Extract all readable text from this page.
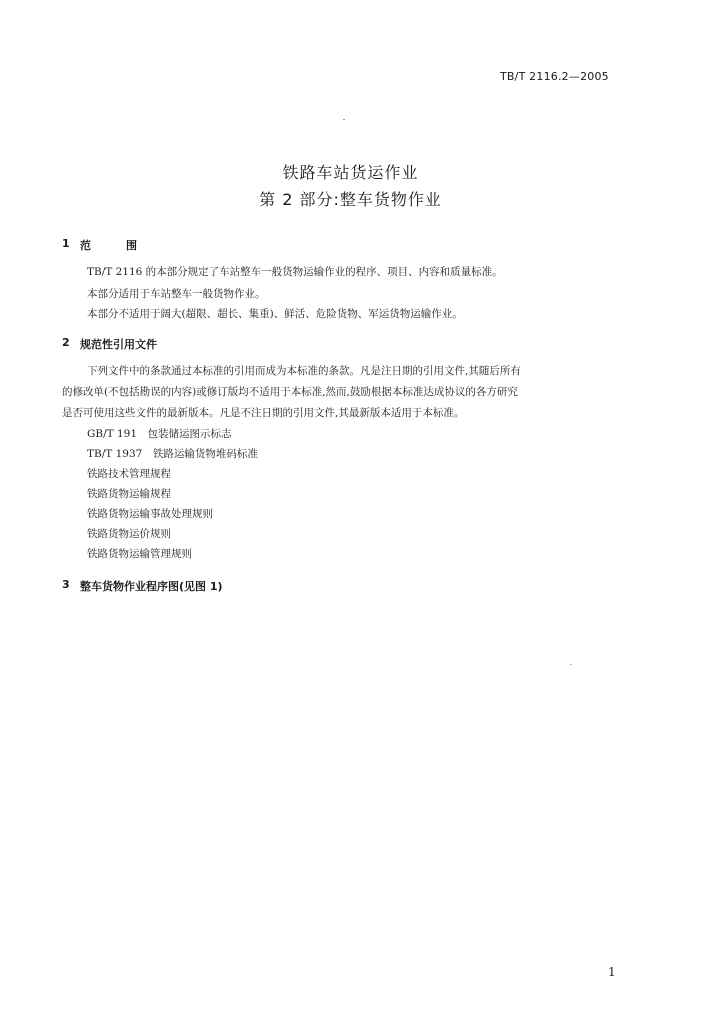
TB/T 2116.2—2005
铁路车站货运作业
第 2 部分:整车货物作业
1 范　围
TB/T 2116 的本部分规定了车站整车一般货物运输作业的程序、项目、内容和质量标准。
本部分适用于车站整车一般货物作业。
本部分不适用于阔大(超限、超长、集重)、鲜活、危险货物、军运货物运输作业。
2 规范性引用文件
下列文件中的条款通过本标准的引用而成为本标准的条款。凡是注日期的引用文件,其随后所有
的修改单(不包括勘误的内容)或修订版均不适用于本标准,然而,鼓励根据本标准达成协议的各方研究
是否可使用这些文件的最新版本。凡是不注日期的引用文件,其最新版本适用于本标准。
GB/T 191　包装储运图示标志
TB/T 1937　铁路运输货物堆码标准
铁路技术管理规程
铁路货物运输规程
铁路货物运输事故处理规则
铁路货物运价规则
铁路货物运输管理规则
3 整车货物作业程序图(见图 1)
1
